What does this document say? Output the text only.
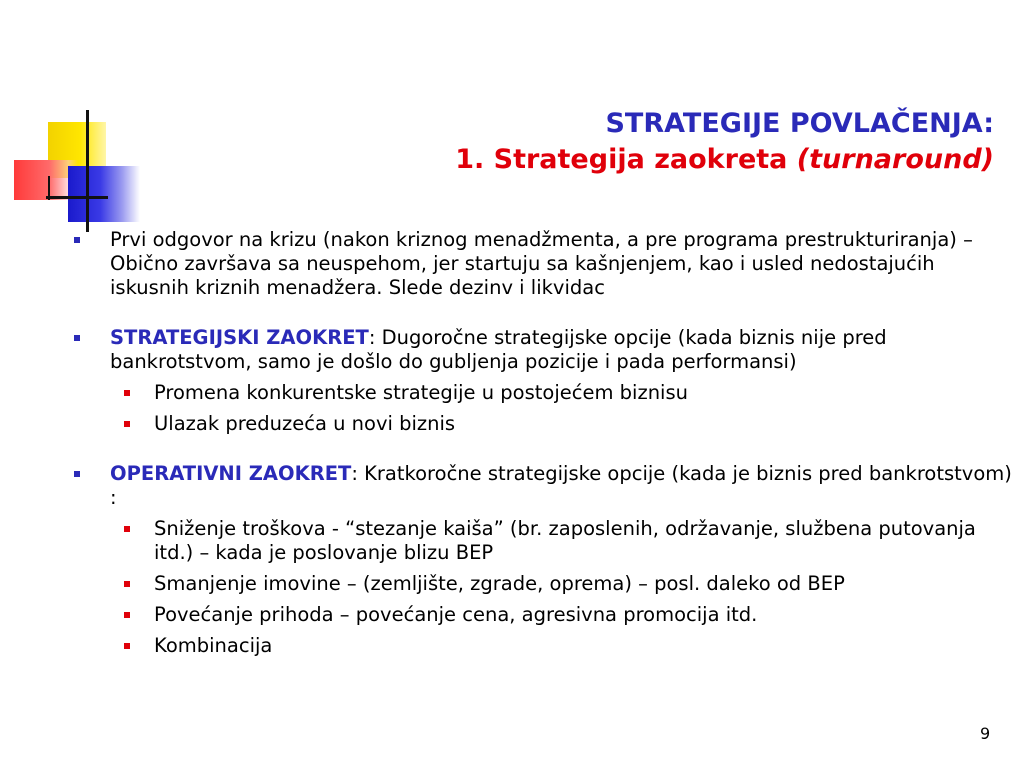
STRATEGIJE POVLAČENJA:
1. Strategija zaokreta (turnaround)
Prvi odgovor na krizu (nakon kriznog menadžmenta, a pre programa prestrukturiranja) – Obično završava sa neuspehom, jer startuju sa kašnjenjem, kao i usled nedostajućih iskusnih kriznih menadžera. Slede dezinv i likvidac
STRATEGIJSKI ZAOKRET: Dugoročne strategijske opcije (kada biznis nije pred bankrotstvom, samo je došlo do gubljenja pozicije i pada performansi)
Promena konkurentske strategije u postojećem biznisu
Ulazak preduzeća u novi biznis
OPERATIVNI ZAOKRET: Kratkoročne strategijske opcije (kada je biznis pred bankrotstvom) :
Sniženje troškova - “stezanje kaiša” (br. zaposlenih, održavanje, službena putovanja itd.) – kada je poslovanje blizu BEP
Smanjenje imovine – (zemljište, zgrade, oprema) – posl. daleko od BEP
Povećanje prihoda – povećanje cena, agresivna promocija itd.
Kombinacija
9
